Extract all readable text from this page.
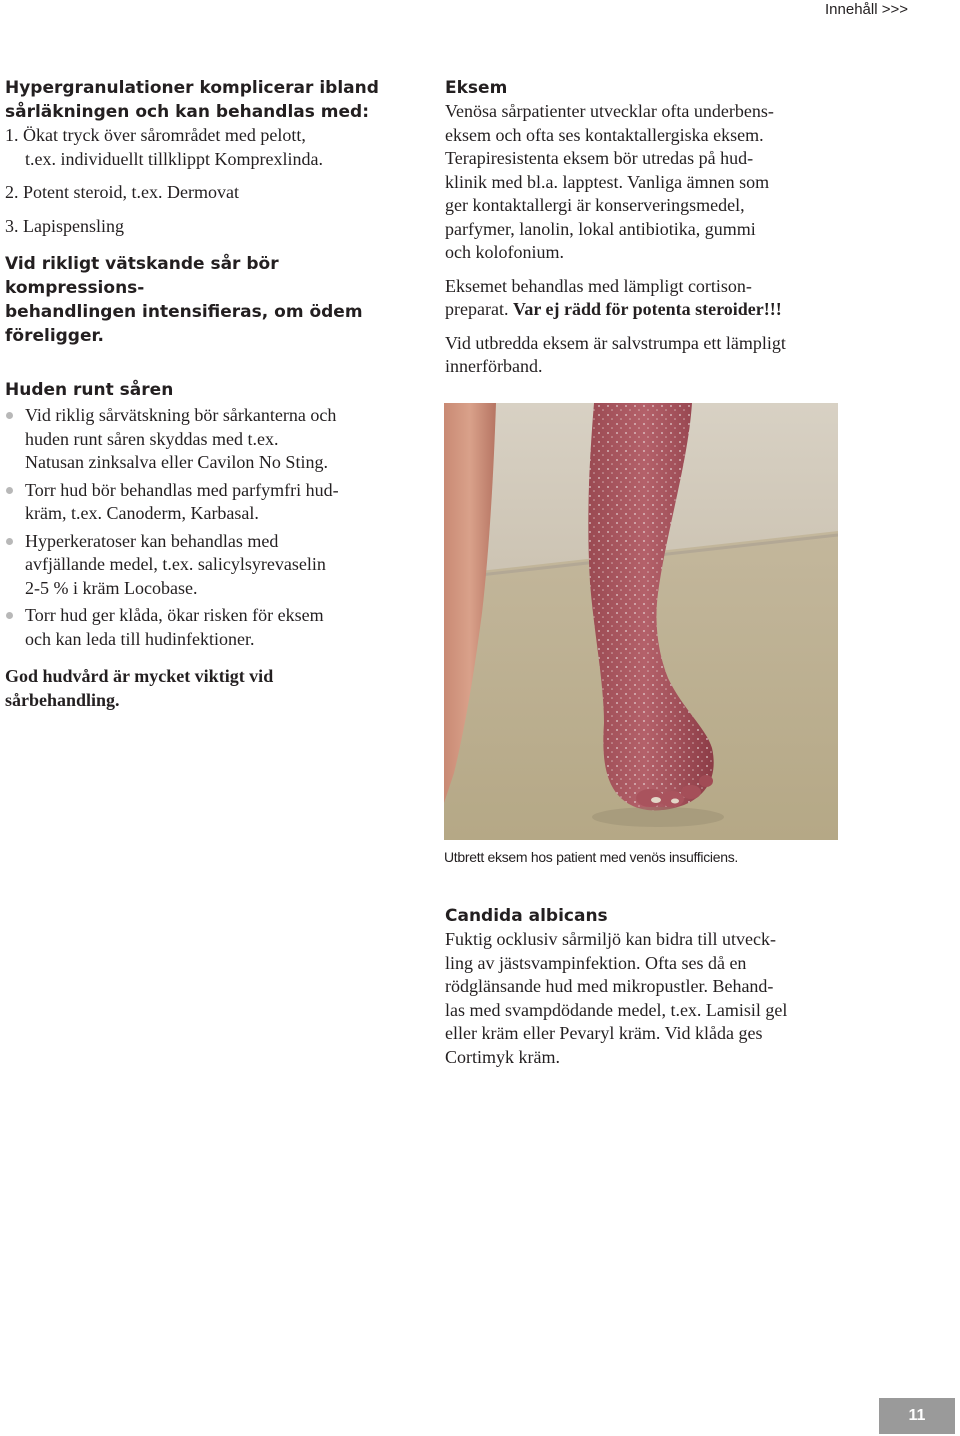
Innehåll >>>

Hypergranulationer komplicerar ibland

sårläkningen och kan behandlas med:

1. Ökat tryck över sårområdet med pelott,

t.ex. individuellt tillklippt Komprexlinda.

2. Potent steroid, t.ex. Dermovat

3. Lapispensling

Vid rikligt vätskande sår bör kompressions-

behandlingen intensifieras, om ödem

föreligger.

Huden runt såren

Vid riklig sårvätskning bör sårkanterna och
huden runt såren skyddas med t.ex.
Natusan zinksalva eller Cavilon No Sting.
Torr hud bör behandlas med parfymfri hud-
kräm, t.ex. Canoderm, Karbasal.
Hyperkeratoser kan behandlas med
avfjällande medel, t.ex. salicylsyrevaselin
2-5 % i kräm Locobase.
Torr hud ger klåda, ökar risken för eksem
och kan leda till hudinfektioner.

God hudvård är mycket viktigt vid

sårbehandling.

Eksem

Venösa sårpatienter utvecklar ofta underbens-

eksem och ofta ses kontaktallergiska eksem.

Terapiresistenta eksem bör utredas på hud-

klinik med bl.a. lapptest. Vanliga ämnen som

ger kontaktallergi är konserveringsmedel,

parfymer, lanolin, lokal antibiotika, gummi

och kolofonium.

Eksemet behandlas med lämpligt cortison-

preparat. Var ej rädd för potenta steroider!!!

Vid utbredda eksem är salvstrumpa ett lämpligt

innerförband.

Utbrett eksem hos patient med venös insufficiens.

Candida albicans

Fuktig ocklusiv sårmiljö kan bidra till utveck-

ling av jästsvampinfektion. Ofta ses då en

rödglänsande hud med mikropustler. Behand-

las med svampdödande medel, t.ex. Lamisil gel

eller kräm eller Pevaryl kräm. Vid klåda ges

Cortimyk kräm.

11
